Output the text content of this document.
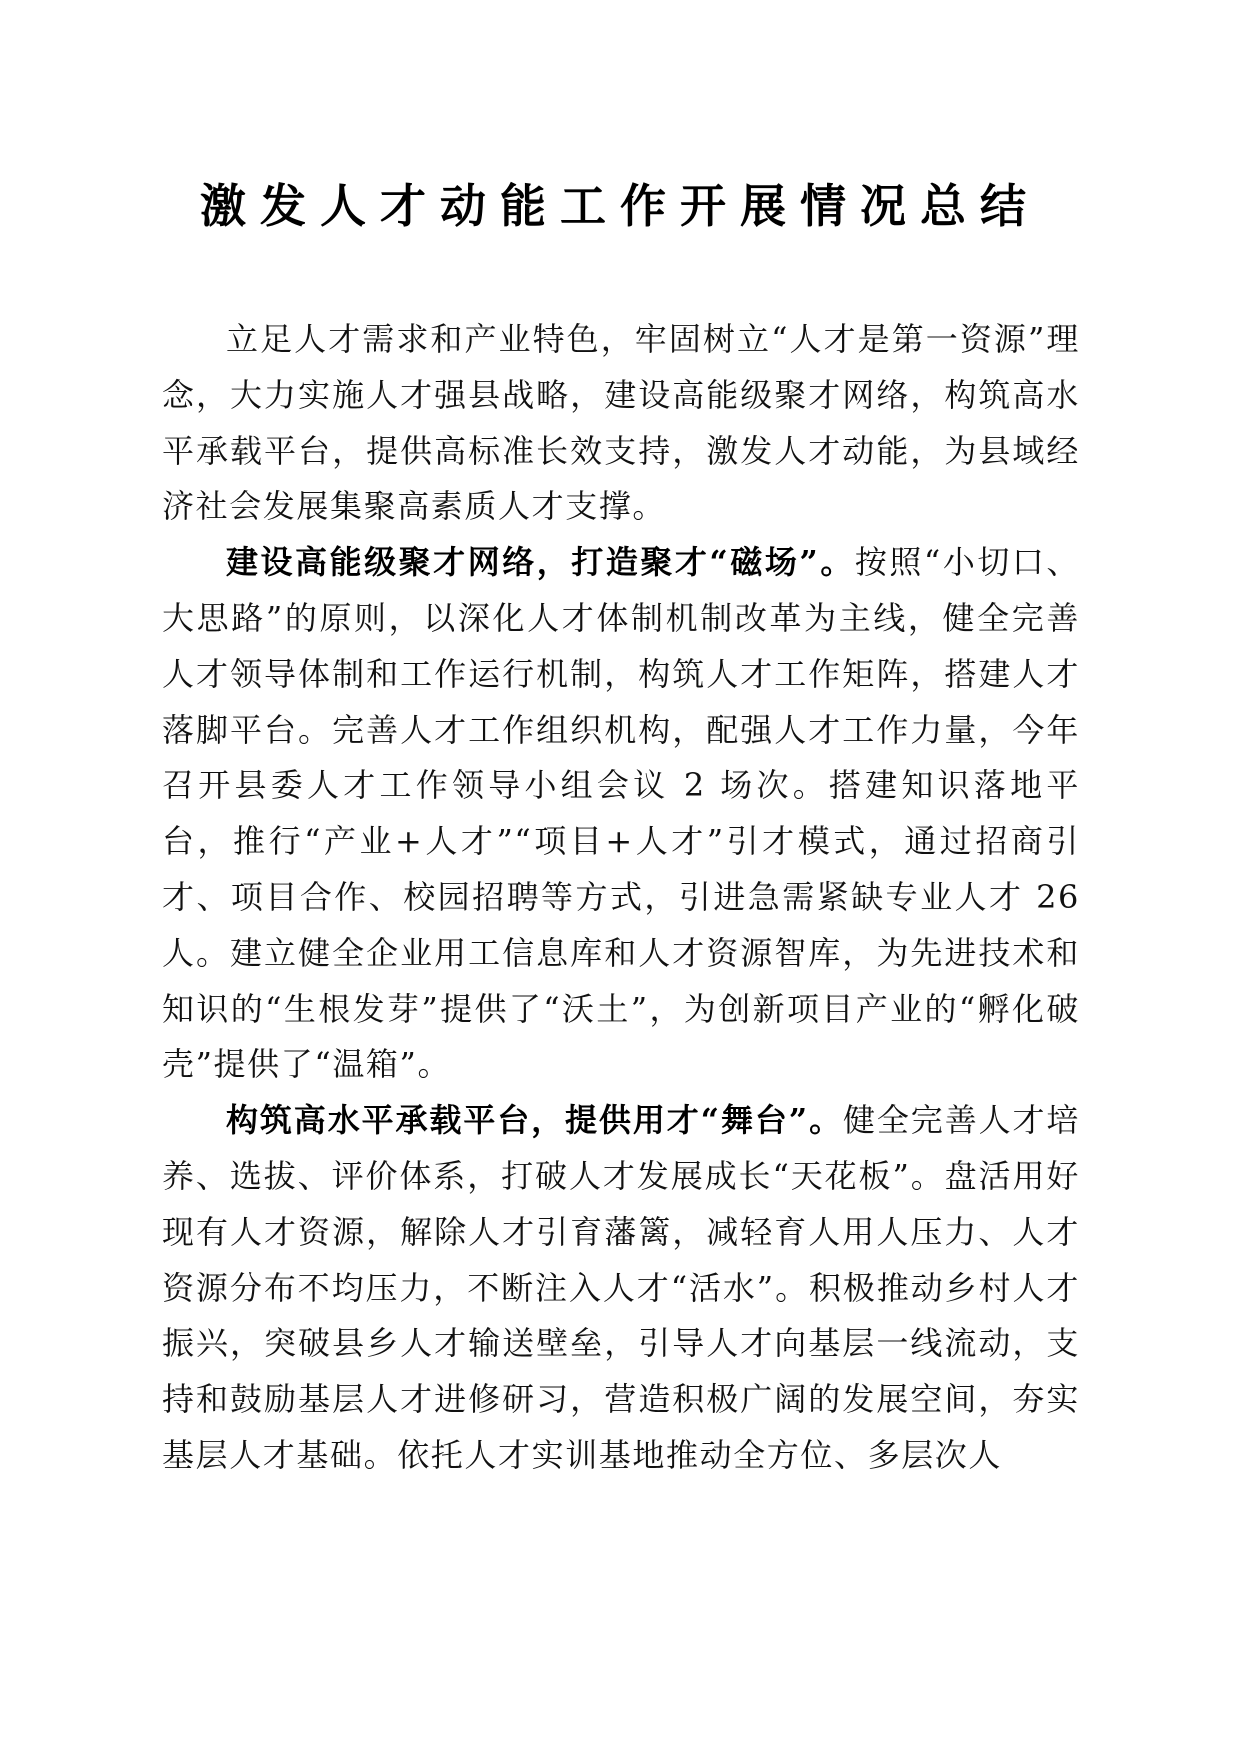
激发人才动能工作开展情况总结

立足人才需求和产业特色，牢固树立“人才是第一资源”理念，大力实施人才强县战略，建设高能级聚才网络，构筑高水平承载平台，提供高标准长效支持，激发人才动能，为县域经济社会发展集聚高素质人才支撑。

建设高能级聚才网络，打造聚才“磁场”。按照“小切口、大思路”的原则，以深化人才体制机制改革为主线，健全完善人才领导体制和工作运行机制，构筑人才工作矩阵，搭建人才落脚平台。完善人才工作组织机构，配强人才工作力量，今年召开县委人才工作领导小组会议 2 场次。搭建知识落地平台，推行“产业+人才”“项目+人才”引才模式，通过招商引才、项目合作、校园招聘等方式，引进急需紧缺专业人才 26 人。建立健全企业用工信息库和人才资源智库，为先进技术和知识的“生根发芽”提供了“沃土”，为创新项目产业的“孵化破壳”提供了“温箱”。

构筑高水平承载平台，提供用才“舞台”。健全完善人才培养、选拔、评价体系，打破人才发展成长“天花板”。盘活用好现有人才资源，解除人才引育藩篱，减轻育人用人压力、人才资源分布不均压力，不断注入人才“活水”。积极推动乡村人才振兴，突破县乡人才输送壁垒，引导人才向基层一线流动，支持和鼓励基层人才进修研习，营造积极广阔的发展空间，夯实基层人才基础。依托人才实训基地推动全方位、多层次人
